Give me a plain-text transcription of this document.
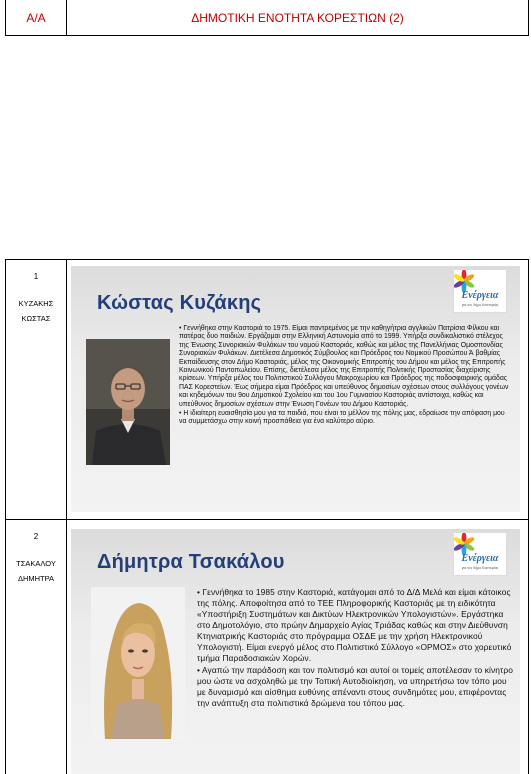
Α/Α	ΔΗΜΟΤΙΚΗ ΕΝΟΤΗΤΑ ΚΟΡΕΣΤΙΩΝ (2)
1
ΚΥΖΑΚΗΣ
ΚΩΣΤΑΣ
Κώστας Κυζάκης	Ενέργεια
για τον δήμο Καστοριάς

• Γεννήθηκα στην Καστοριά το 1975. Είμαι παντρεμένος με την καθηγήτρια αγγλικών Πατρίσια Φίλκου και πατέρας δυο παιδιών. Εργάζομαι στην Ελληνική Αστυνομία από το 1999. Υπήρξα συνδικαλιστικό στέλεχος της Ένωσης Συνοριακών Φυλάκων του νομού Καστοριάς, καθώς και μέλος της Πανελλήνιας Ομοσπονδίας Συνοριακών Φυλάκων. Διετέλεσα Δημοτικός Σύμβουλος και Πρόεδρος του Νομικού Προσώπου Ά βαθμίας Εκπαίδευσης στον Δήμο Καστοριάς, μέλος της Οικονομικής Επιτροπής του Δήμου και μέλος της Επιτροπής Κοινωνικού Παντοπωλείου. Επίσης, διετέλεσα μέλος της Επιτροπής Πολιτικής Προστασίας διαχείρισης κρίσεων. Υπήρξα μέλος του Πολιτιστικού Συλλόγου Μακροχωρίου και Πρόεδρος της ποδοσφαιρικής ομάδας ΠΑΣ Κορεστείων. Έως σήμερα είμαι Πρόεδρος και υπεύθυνος δημοσίων σχέσεων στους συλλόγους γονέων και κηδεμόνων του 9ου Δημοτικού Σχολείου και του 1ου Γυμνασίου Καστοριάς αντίστοιχα, καθώς και υπεύθυνος δημοσίων σχέσεων στην Ένωση Γονέων του Δήμου Καστοριάς.

• Η ιδιαίτερη ευαισθησία μου για τα παιδιά, που είναι το μέλλον της πόλης μας, εδραίωσε την απόφαση μου να συμμετάσχω στην κοινή προσπάθεια για ένα καλύτερο αύριο.

2
ΤΣΑΚΑΛΟΥ
ΔΗΜΗΤΡΑ
Δήμητρα Τσακάλου	Ενέργεια
για τον δήμο Καστοριάς

• Γεννήθηκα το 1985 στην Καστοριά, κατάγομαι από το Δ/Δ Μελά και είμαι κάτοικος της πόλης. Αποφοίτησα από το ΤΕΕ Πληροφορικής Καστοριάς με τη ειδικότητα «Υποστήριξη Συστημάτων και Δικτύων Ηλεκτρονικών Υπολογιστών». Εργάστηκα στο Δημοτολόγιο, στο πρώην Δημαρχείο Αγίας Τριάδας καθώς και στην Διεύθυνση Κτηνιατρικής Καστοριάς στο πρόγραμμα ΟΣΔΕ με την χρήση Ηλεκτρονικού Υπολογιστή. Είμαι ενεργό μέλος στο Πολιτιστικό Σύλλογο «ΟΡΜΟΣ» στο χορευτικό τμήμα Παραδοσιακών Χορών.

• Αγαπώ την παράδοση και τον πολιτισμό και αυτοί οι τομείς αποτέλεσαν το κίνητρο μου ώστε να ασχοληθώ με την Τοπική Αυτοδιοίκηση, να υπηρετήσω τον τόπο μου με δυναμισμό και αίσθημα ευθύνης απέναντι στους συνδημότες μου, επιφέροντας την ανάπτυξη στα πολιτιστικά δρώμενα του τόπου μας.
